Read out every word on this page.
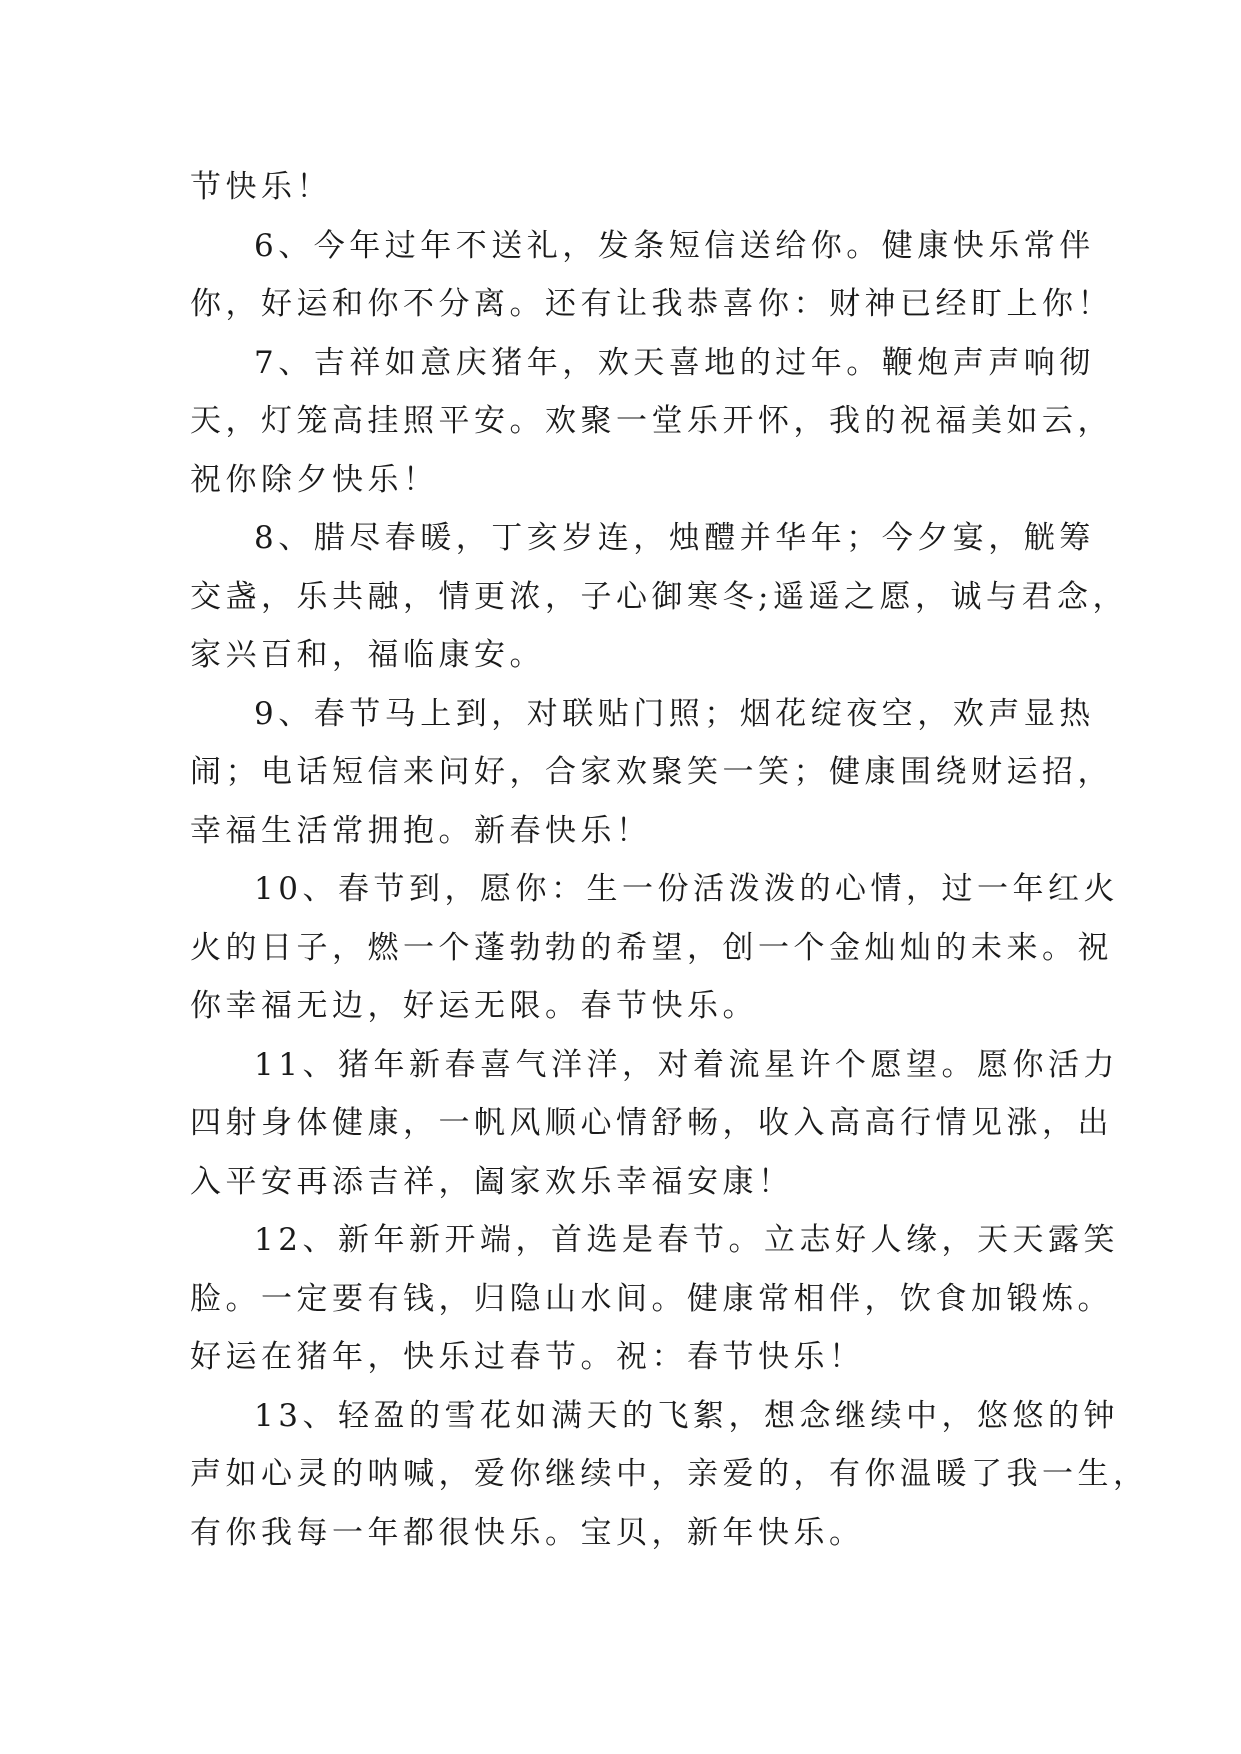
节快乐！
6、今年过年不送礼，发条短信送给你。健康快乐常伴
你，好运和你不分离。还有让我恭喜你：财神已经盯上你！
7、吉祥如意庆猪年，欢天喜地的过年。鞭炮声声响彻
天，灯笼高挂照平安。欢聚一堂乐开怀，我的祝福美如云，
祝你除夕快乐！
8、腊尽春暖，丁亥岁连，烛醴并华年；今夕宴，觥筹
交盏，乐共融，情更浓，子心御寒冬;遥遥之愿，诚与君念，
家兴百和，福临康安。
9、春节马上到，对联贴门照；烟花绽夜空，欢声显热
闹；电话短信来问好，合家欢聚笑一笑；健康围绕财运招，
幸福生活常拥抱。新春快乐！
10、春节到，愿你：生一份活泼泼的心情，过一年红火
火的日子，燃一个蓬勃勃的希望，创一个金灿灿的未来。祝
你幸福无边，好运无限。春节快乐。
11、猪年新春喜气洋洋，对着流星许个愿望。愿你活力
四射身体健康，一帆风顺心情舒畅，收入高高行情见涨，出
入平安再添吉祥，阖家欢乐幸福安康！
12、新年新开端，首选是春节。立志好人缘，天天露笑
脸。一定要有钱，归隐山水间。健康常相伴，饮食加锻炼。
好运在猪年，快乐过春节。祝：春节快乐！
13、轻盈的雪花如满天的飞絮，想念继续中，悠悠的钟
声如心灵的呐喊，爱你继续中，亲爱的，有你温暖了我一生，
有你我每一年都很快乐。宝贝，新年快乐。
